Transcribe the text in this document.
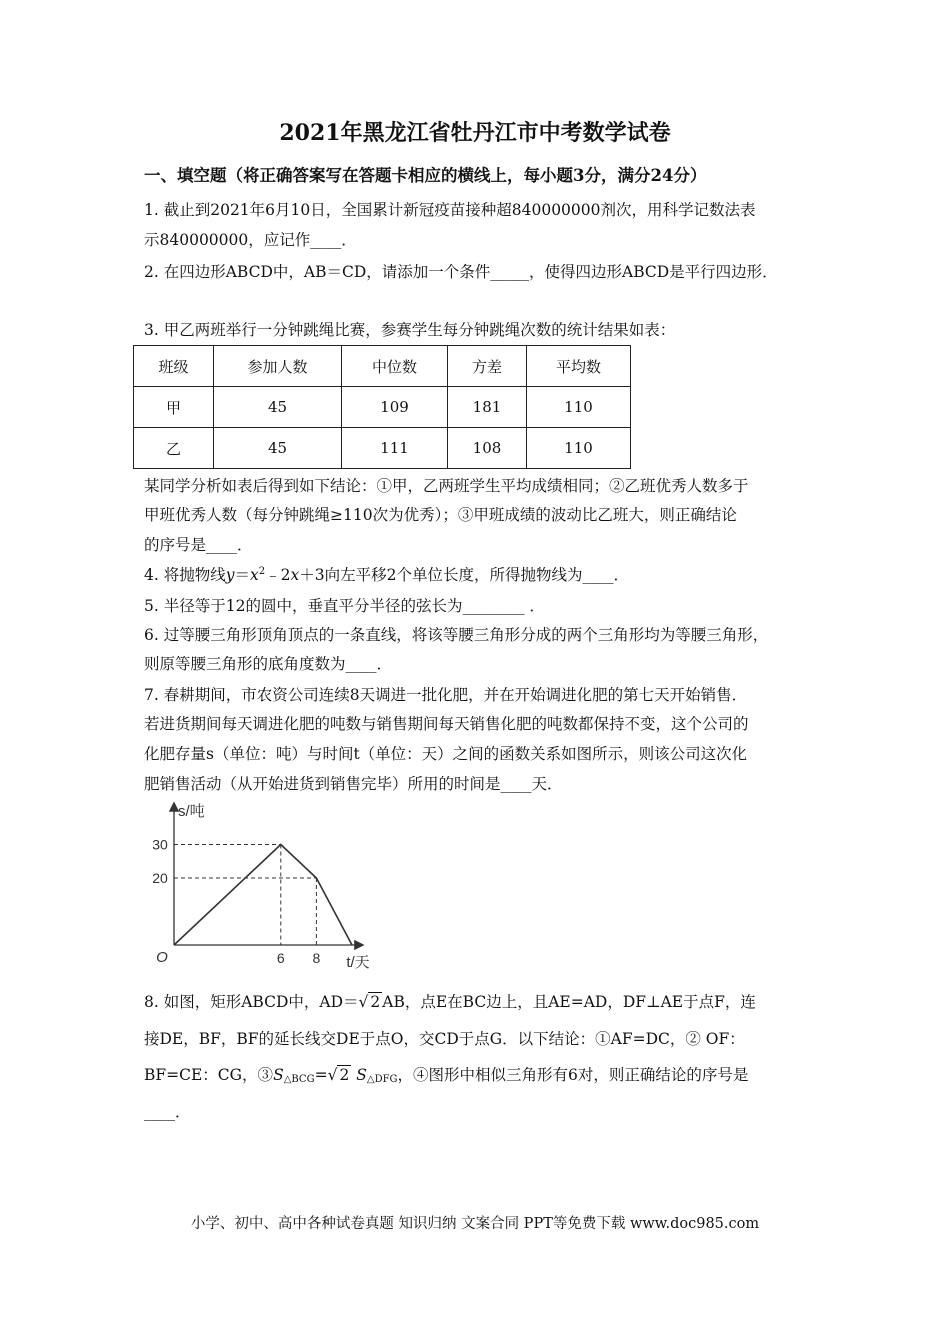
2021年黑龙江省牡丹江市中考数学试卷
一、填空题（将正确答案写在答题卡相应的横线上，每小题3分，满分24分）
1. 截止到2021年6月10日，全国累计新冠疫苗接种超840000000剂次，用科学记数法表
示840000000，应记作____．
2. 在四边形ABCD中，AB＝CD，请添加一个条件_____，使得四边形ABCD是平行四边形．
3. 甲乙两班举行一分钟跳绳比赛，参赛学生每分钟跳绳次数的统计结果如表：
班级	参加人数	中位数	方差	平均数
甲	45	109	181	110
乙	45	111	108	110
某同学分析如表后得到如下结论：①甲，乙两班学生平均成绩相同；②乙班优秀人数多于
甲班优秀人数（每分钟跳绳≥110次为优秀）；③甲班成绩的波动比乙班大，则正确结论
的序号是____．
4. 将抛物线$y=x^2﹣2x+3$向左平移2个单位长度，所得抛物线为____．
5. 半径等于12的圆中，垂直平分半径的弦长为________ ．
6. 过等腰三角形顶角顶点的一条直线，将该等腰三角形分成的两个三角形均为等腰三角形，
则原等腰三角形的底角度数为____．
7. 春耕期间，市农资公司连续8天调进一批化肥，并在开始调进化肥的第七天开始销售．
若进货期间每天调进化肥的吨数与销售期间每天销售化肥的吨数都保持不变，这个公司的
化肥存量s（单位：吨）与时间t（单位：天）之间的函数关系如图所示，则该公司这次化
肥销售活动（从开始进货到销售完毕）所用的时间是____天．
s/吨
30
20
6 8
O	t/天
8. 如图，矩形ABCD中，AD＝√ 2 AB，点E在BC边上，且AE=AD，DF⊥AE于点F，连
接DE，BF，BF的延长线交DE于点O，交CD于点G．以下结论：①AF=DC，② OF：
BF=CE：CG，$③S_{\triangle BCG}=√$ 2 $S_{\triangle DFG}$，④图形中相似三角形有6对，则正确结论的序号是
____．
小学、初中、高中各种试卷真题 知识归纳 文案合同 PPT等免费下载 www.doc985.com
